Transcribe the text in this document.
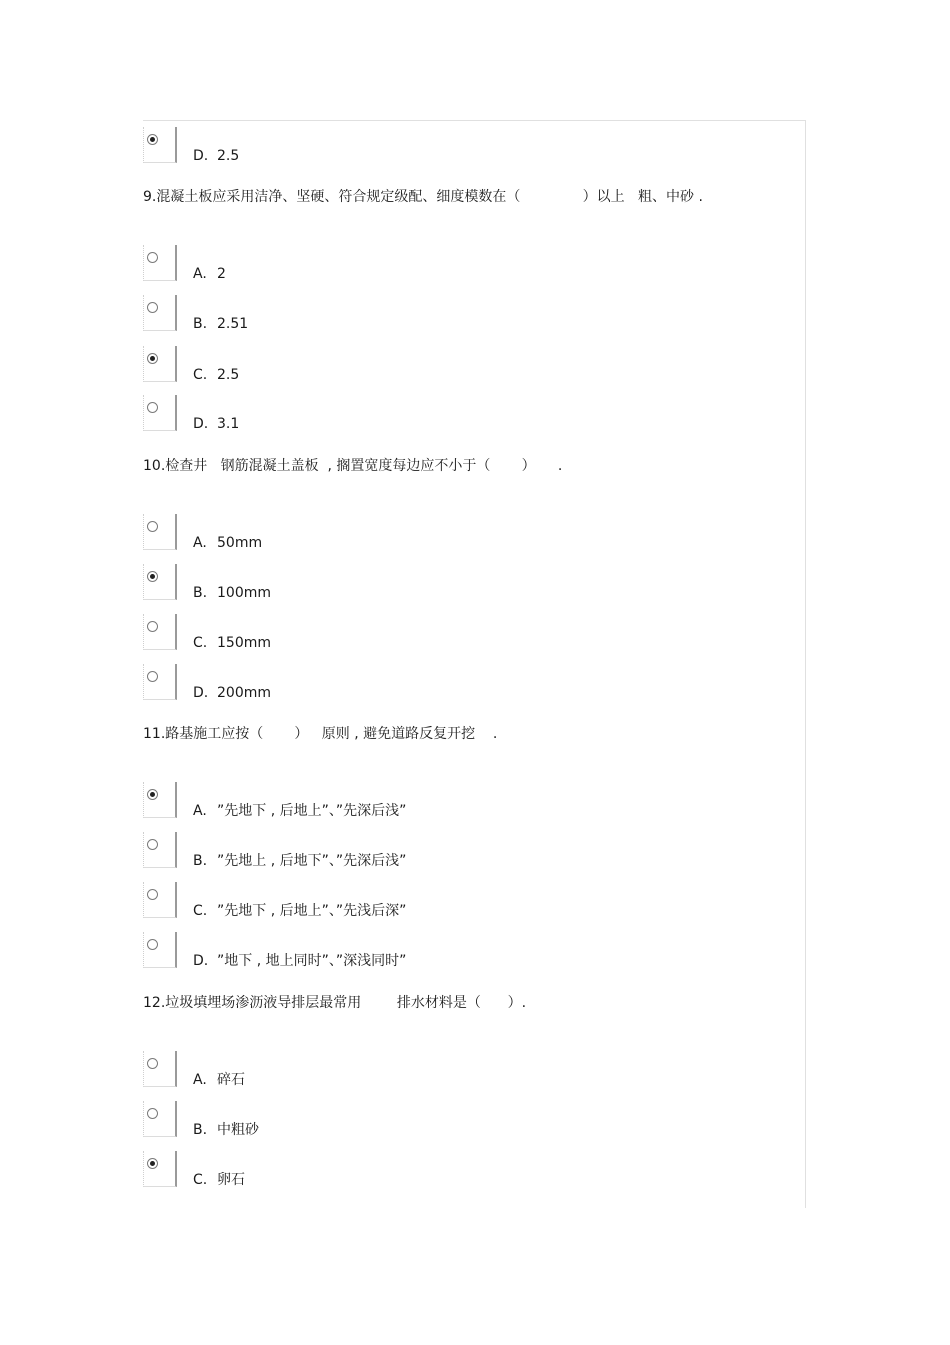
D. 2.5
9.混凝土板应采用洁净、坚硬、符合规定级配、细度模数在（              ）以上   粗、中砂 .
A. 2
B. 2.51
C. 2.5
D. 3.1
10.检查井   钢筋混凝土盖板  , 搁置宽度每边应不小于（       ）     .
A. 50mm
B. 100mm
C. 150mm
D. 200mm
11.路基施工应按（       ）   原则 , 避免道路反复开挖    .
A. ”先地下 , 后地上”、”先深后浅”
B. ”先地上 , 后地下”、”先深后浅”
C. ”先地下 , 后地上”、”先浅后深”
D. ”地下 , 地上同时”、”深浅同时”
12.垃圾填埋场渗沥液导排层最常用        排水材料是（      ）.
A. 碎石
B. 中粗砂
C. 卵石
